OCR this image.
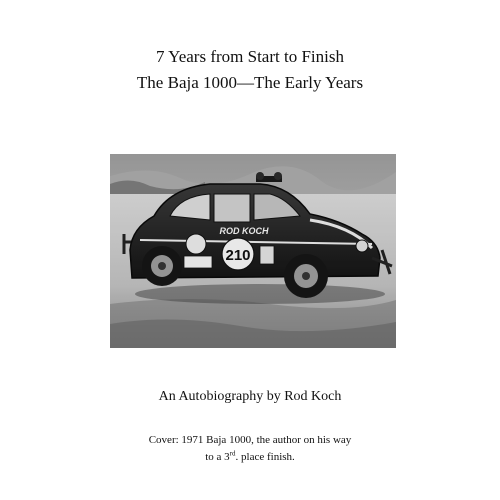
7 Years from Start to Finish

The Baja 1000—The Early Years

210
ROD KOCH

An Autobiography by Rod Koch

Cover: 1971 Baja 1000, the author on his way

to a 3rd. place finish.
